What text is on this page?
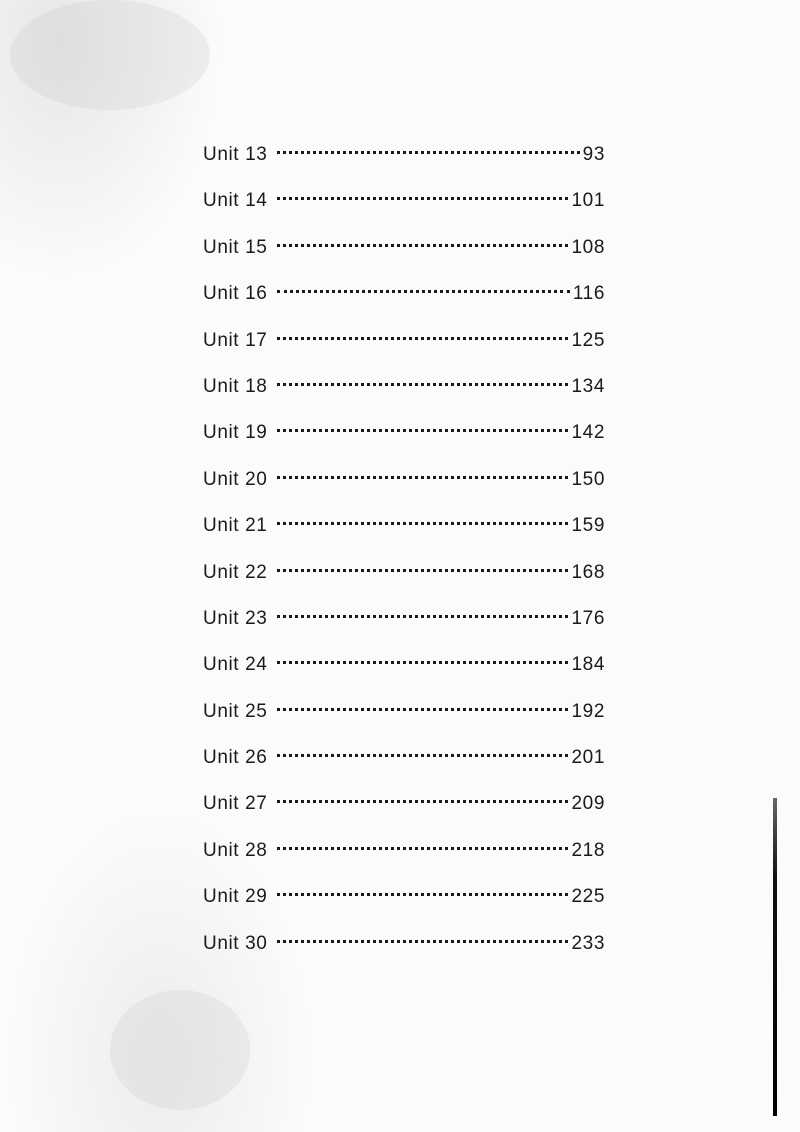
Unit 13	93
Unit 14	101
Unit 15	108
Unit 16	116
Unit 17	125
Unit 18	134
Unit 19	142
Unit 20	150
Unit 21	159
Unit 22	168
Unit 23	176
Unit 24	184
Unit 25	192
Unit 26	201
Unit 27	209
Unit 28	218
Unit 29	225
Unit 30	233
